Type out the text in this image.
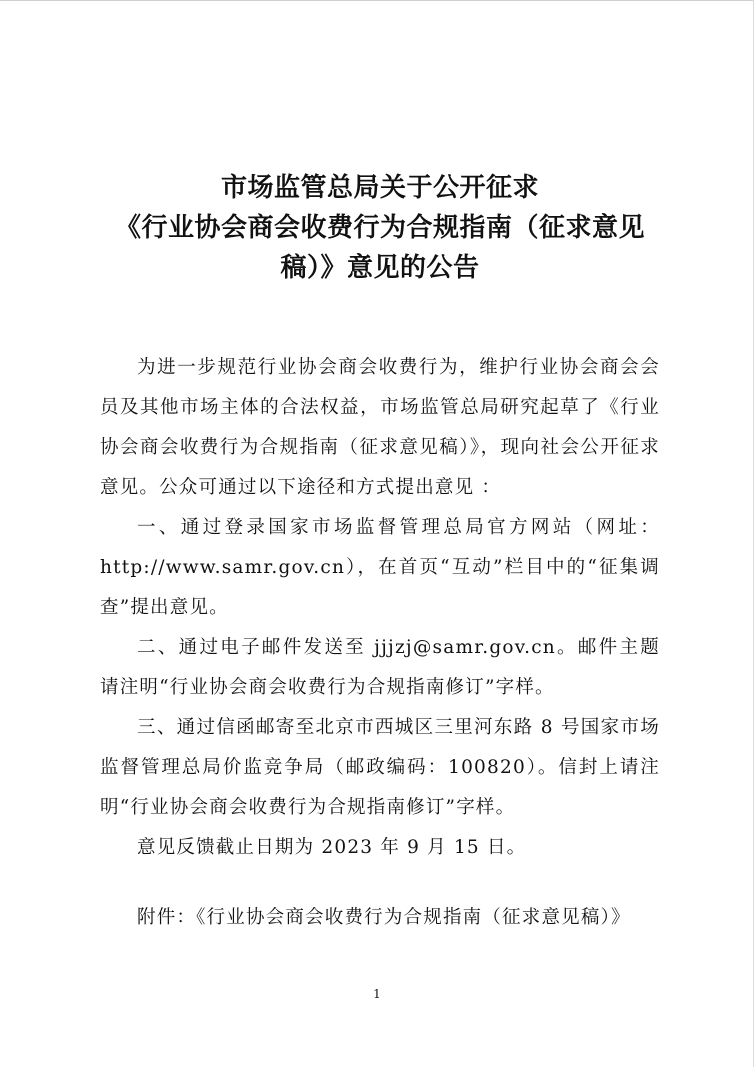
市场监管总局关于公开征求
《行业协会商会收费行为合规指南（征求意见
稿）》意见的公告

为进一步规范行业协会商会收费行为，维护行业协会商会会员及其他市场主体的合法权益，市场监管总局研究起草了《行业协会商会收费行为合规指南（征求意见稿）》，现向社会公开征求意见。公众可通过以下途径和方式提出意见 ：

一、通过登录国家市场监督管理总局官方网站（网址：http://www.samr.gov.cn），在首页“互动”栏目中的“征集调查”提出意见。

二、通过电子邮件发送至 jjjzj@samr.gov.cn。邮件主题请注明“行业协会商会收费行为合规指南修订”字样。

三、通过信函邮寄至北京市西城区三里河东路 8 号国家市场监督管理总局价监竞争局（邮政编码：100820）。信封上请注明“行业协会商会收费行为合规指南修订”字样。

意见反馈截止日期为 2023 年 9 月 15 日。

附件：《行业协会商会收费行为合规指南（征求意见稿）》
1
